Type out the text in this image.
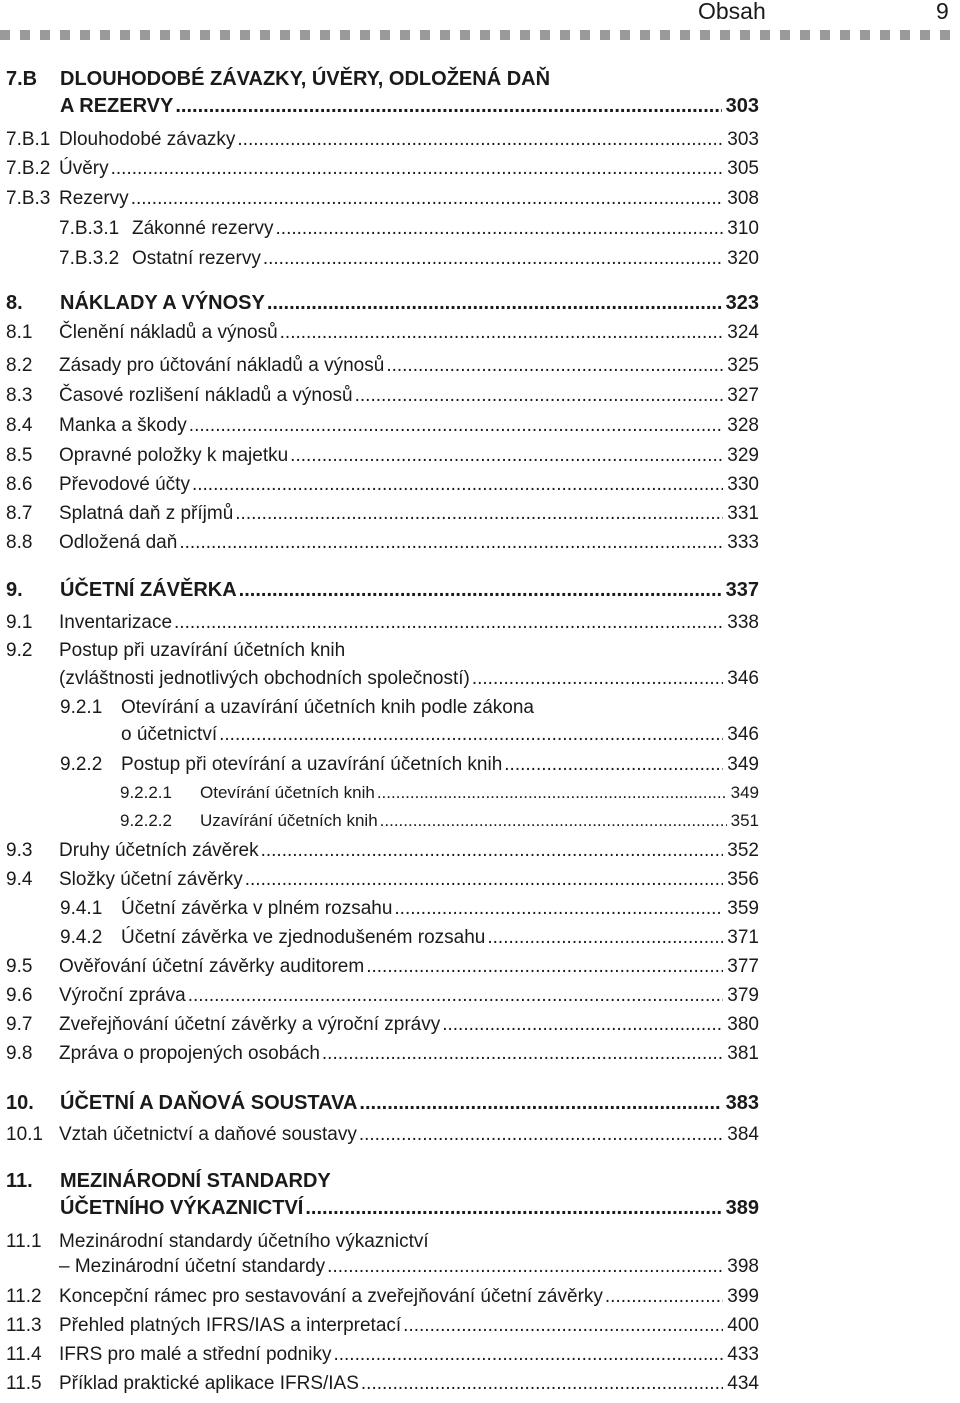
Obsah	9
7.B DLOUHODOBÉ ZÁVAZKY, ÚVĚRY, ODLOŽENÁ DAŇ
A REZERVY .....	303
7.B.1 Dlouhodobé závazky .....	303
7.B.2 Úvěry .....	305
7.B.3 Rezervy .....	308
7.B.3.1 Zákonné rezervy .....	310
7.B.3.2 Ostatní rezervy .....	320
8. NÁKLADY A VÝNOSY .....	323
8.1 Členění nákladů a výnosů .....	324
8.2 Zásady pro účtování nákladů a výnosů .....	325
8.3 Časové rozlišení nákladů a výnosů .....	327
8.4 Manka a škody .....	328
8.5 Opravné položky k majetku .....	329
8.6 Převodové účty .....	330
8.7 Splatná daň z příjmů .....	331
8.8 Odložená daň .....	333
9. ÚČETNÍ ZÁVĚRKA .....	337
9.1 Inventarizace .....	338
9.2 Postup při uzavírání účetních knih
(zvláštnosti jednotlivých obchodních společností) .....	346
9.2.1 Otevírání a uzavírání účetních knih podle zákona
o účetnictví .....	346
9.2.2 Postup při otevírání a uzavírání účetních knih .....	349
9.2.2.1 Otevírání účetních knih .....	349
9.2.2.2 Uzavírání účetních knih .....	351
9.3 Druhy účetních závěrek .....	352
9.4 Složky účetní závěrky .....	356
9.4.1 Účetní závěrka v plném rozsahu .....	359
9.4.2 Účetní závěrka ve zjednodušeném rozsahu .....	371
9.5 Ověřování účetní závěrky auditorem .....	377
9.6 Výroční zpráva .....	379
9.7 Zveřejňování účetní závěrky a výroční zprávy .....	380
9.8 Zpráva o propojených osobách .....	381
10. ÚČETNÍ A DAŇOVÁ SOUSTAVA .....	383
10.1 Vztah účetnictví a daňové soustavy .....	384
11. MEZINÁRODNÍ STANDARDY
ÚČETNÍHO VÝKAZNICTVÍ .....	389
11.1 Mezinárodní standardy účetního výkaznictví
– Mezinárodní účetní standardy .....	398
11.2 Koncepční rámec pro sestavování a zveřejňování účetní závěrky .....	399
11.3 Přehled platných IFRS/IAS a interpretací .....	400
11.4 IFRS pro malé a střední podniky .....	433
11.5 Příklad praktické aplikace IFRS/IAS .....	434
